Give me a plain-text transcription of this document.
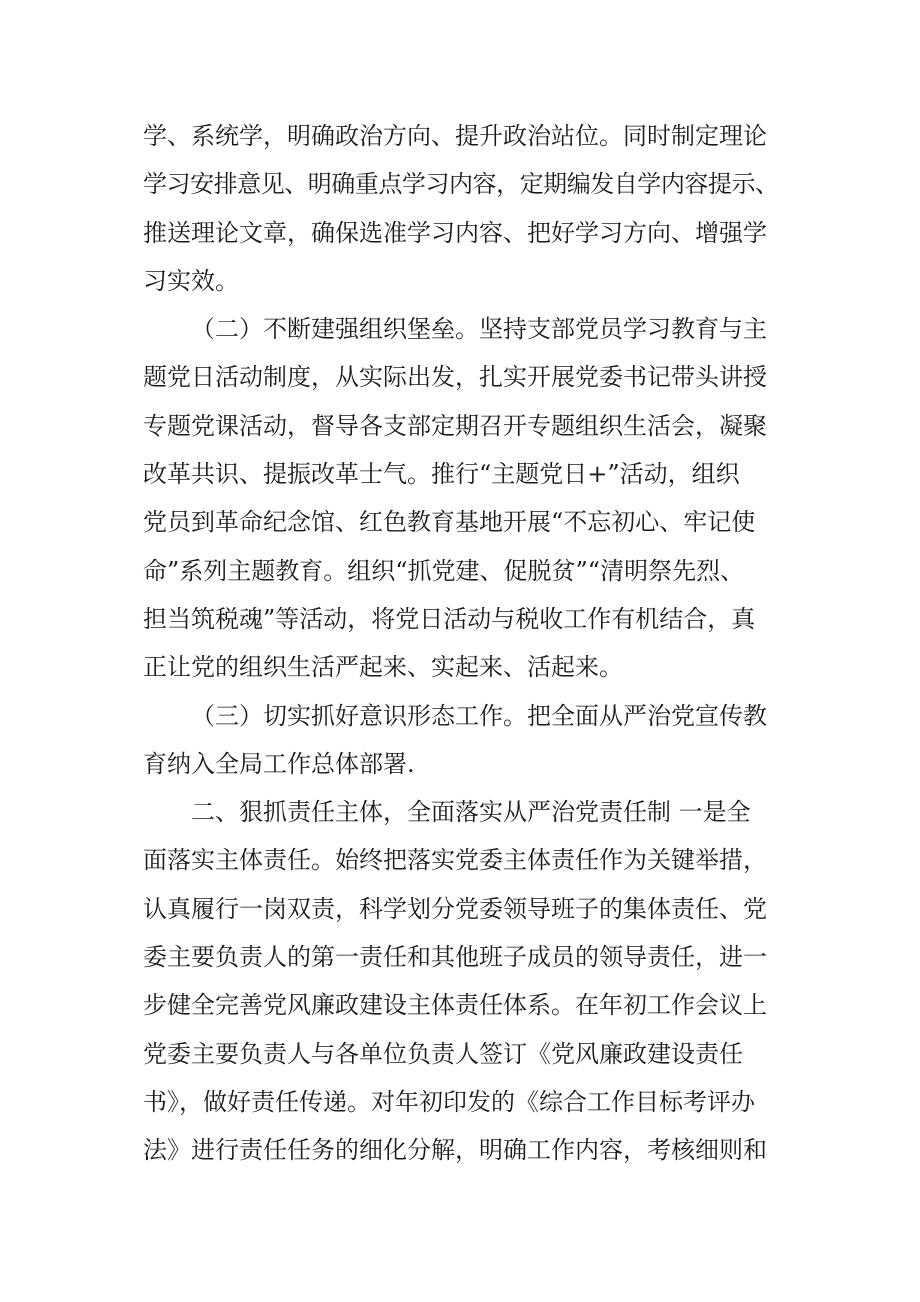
学、系统学，明确政治方向、提升政治站位。同时制定理论
学习安排意见、明确重点学习内容，定期编发自学内容提示、
推送理论文章，确保选准学习内容、把好学习方向、增强学
习实效。
（二）不断建强组织堡垒。坚持支部党员学习教育与主
题党日活动制度，从实际出发，扎实开展党委书记带头讲授
专题党课活动，督导各支部定期召开专题组织生活会，凝聚
改革共识、提振改革士气。推行“主题党日+”活动，组织
党员到革命纪念馆、红色教育基地开展“不忘初心、牢记使
命”系列主题教育。组织“抓党建、促脱贫”“清明祭先烈、
担当筑税魂”等活动，将党日活动与税收工作有机结合，真
正让党的组织生活严起来、实起来、活起来。
（三）切实抓好意识形态工作。把全面从严治党宣传教
育纳入全局工作总体部署.
二、狠抓责任主体，全面落实从严治党责任制 一是全
面落实主体责任。始终把落实党委主体责任作为关键举措，
认真履行一岗双责，科学划分党委领导班子的集体责任、党
委主要负责人的第一责任和其他班子成员的领导责任，进一
步健全完善党风廉政建设主体责任体系。在年初工作会议上
党委主要负责人与各单位负责人签订《党风廉政建设责任
书》，做好责任传递。对年初印发的《综合工作目标考评办
法》进行责任任务的细化分解，明确工作内容，考核细则和
